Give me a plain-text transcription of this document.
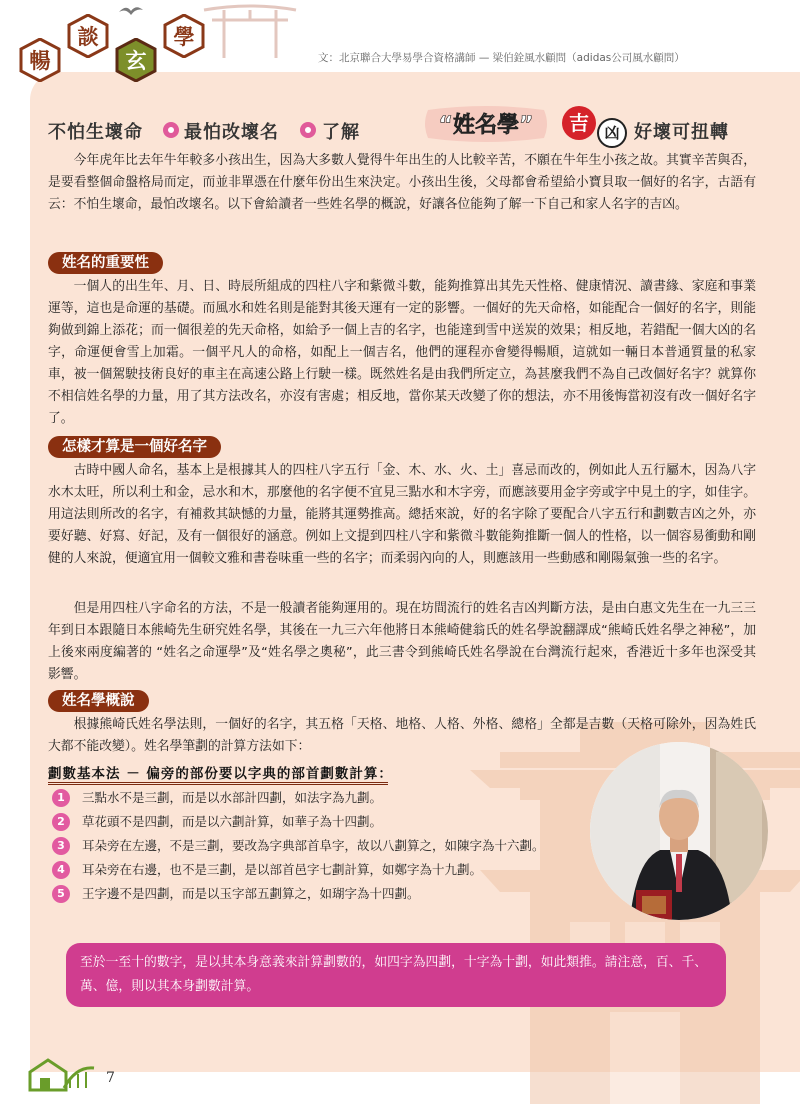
暢
談
玄
學
文：北京聯合大學易學合資格講師 — 梁伯銓風水顧問（adidas公司風水顧問）
不怕生壞命 最怕改壞名 了解	“姓名學”	吉	凶 好壞可扭轉

今年虎年比去年牛年較多小孩出生，因為大多數人覺得牛年出生的人比較辛苦，不願在牛年生小孩之故。其實辛苦與否，是要看整個命盤格局而定，而並非單憑在什麼年份出生來決定。小孩出生後，父母都會希望給小寶貝取一個好的名字，古語有云：不怕生壞命，最怕改壞名。以下會給讀者一些姓名學的概說，好讓各位能夠了解一下自己和家人名字的吉凶。

姓名的重要性

一個人的出生年、月、日、時辰所組成的四柱八字和紫微斗數，能夠推算出其先天性格、健康情況、讀書緣、家庭和事業運等，這也是命運的基礎。而風水和姓名則是能對其後天運有一定的影響。一個好的先天命格，如能配合一個好的名字，則能夠做到錦上添花；而一個很差的先天命格，如給予一個上吉的名字，也能達到雪中送炭的效果；相反地，若錯配一個大凶的名字，命運便會雪上加霜。一個平凡人的命格，如配上一個吉名，他們的運程亦會變得暢順，這就如一輛日本普通質量的私家車，被一個駕駛技術良好的車主在高速公路上行駛一樣。既然姓名是由我們所定立，為甚麼我們不為自己改個好名字？就算你不相信姓名學的力量，用了其方法改名，亦沒有害處；相反地，當你某天改變了你的想法，亦不用後悔當初沒有改一個好名字了。

怎樣才算是一個好名字

古時中國人命名，基本上是根據其人的四柱八字五行「金、木、水、火、土」喜忌而改的，例如此人五行屬木，因為八字水木太旺，所以利土和金，忌水和木，那麼他的名字便不宜見三點水和木字旁，而應該要用金字旁或字中見土的字，如佳字。用這法則所改的名字，有補救其缺憾的力量，能將其運勢推高。總括來說，好的名字除了要配合八字五行和劃數吉凶之外，亦要好聽、好寫、好記，及有一個很好的涵意。例如上文提到四柱八字和紫微斗數能夠推斷一個人的性格，以一個容易衝動和剛健的人來說，便適宜用一個較文雅和書卷味重一些的名字；而柔弱內向的人，則應該用一些動感和剛陽氣強一些的名字。

但是用四柱八字命名的方法，不是一般讀者能夠運用的。現在坊間流行的姓名吉凶判斷方法，是由白惠文先生在一九三三年到日本跟隨日本熊崎先生研究姓名學，其後在一九三六年他將日本熊崎健翁氏的姓名學說翻譯成“熊崎氏姓名學之神秘”，加上後來兩度編著的 “姓名之命運學”及“姓名學之奧秘”，此三書令到熊崎氏姓名學說在台灣流行起來，香港近十多年也深受其影響。

姓名學概說

根據熊崎氏姓名學法則，一個好的名字，其五格「天格、地格、人格、外格、總格」全都是吉數（天格可除外，因為姓氏大都不能改變）。姓名學筆劃的計算方法如下：

劃數基本法 － 偏旁的部份要以字典的部首劃數計算：
1	三點水不是三劃，而是以水部計四劃，如法字為九劃。
2	草花頭不是四劃，而是以六劃計算，如華子為十四劃。
3	耳朵旁在左邊，不是三劃，要改為字典部首阜字，故以八劃算之，如陳字為十六劃。
4	耳朵旁在右邊，也不是三劃，是以部首邑字七劃計算，如鄭字為十九劃。
5	王字邊不是四劃，而是以玉字部五劃算之，如瑚字為十四劃。
至於一至十的數字，是以其本身意義來計算劃數的，如四字為四劃，十字為十劃，如此類推。請注意，百、千、萬、億，則以其本身劃數計算。
7
